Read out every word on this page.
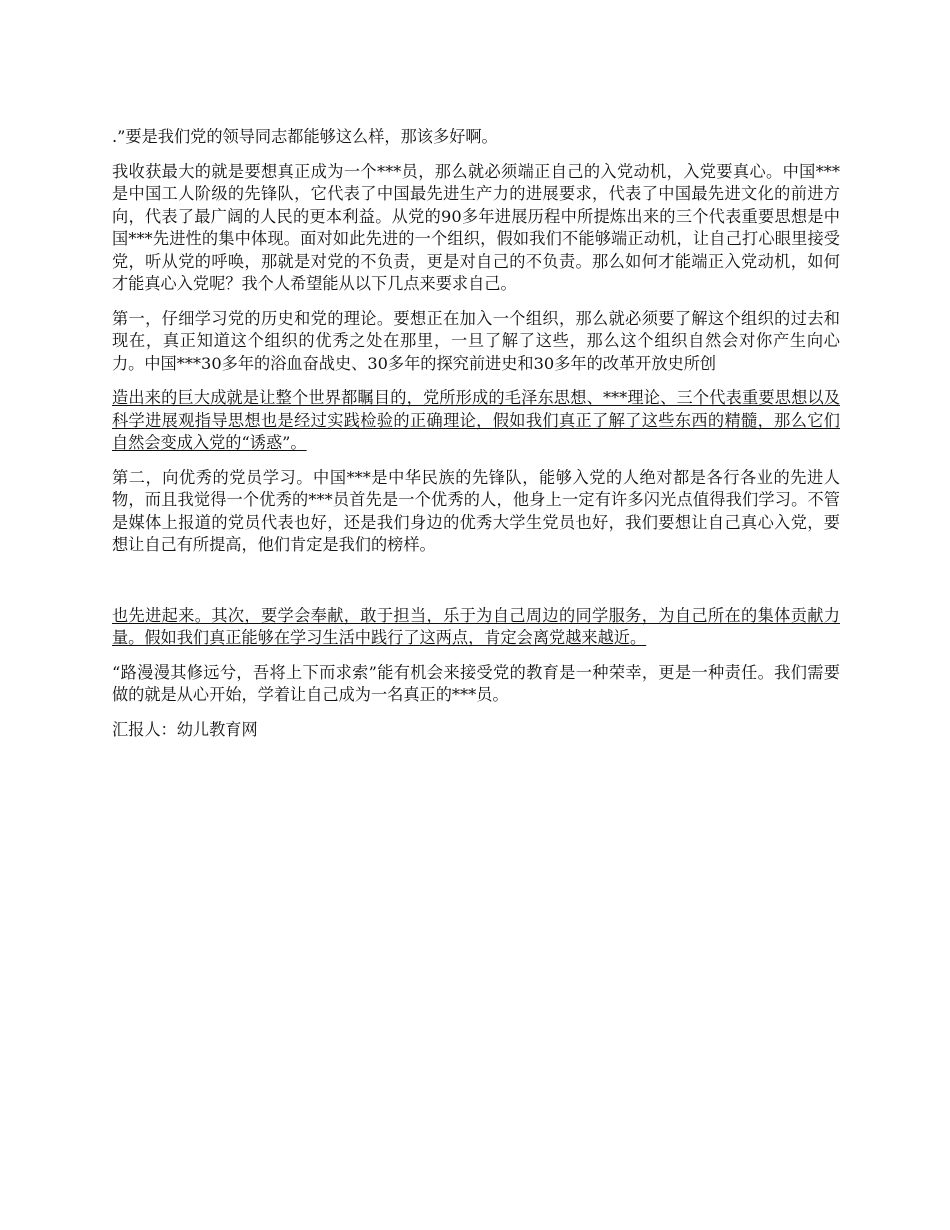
.”要是我们党的领导同志都能够这么样，那该多好啊。

我收获最大的就是要想真正成为一个***员，那么就必须端正自己的入党动机，入党要真心。中国***是中国工人阶级的先锋队，它代表了中国最先进生产力的进展要求，代表了中国最先进文化的前进方向，代表了最广阔的人民的更本利益。从党的90多年进展历程中所提炼出来的三个代表重要思想是中国***先进性的集中体现。面对如此先进的一个组织，假如我们不能够端正动机，让自己打心眼里接受党，听从党的呼唤，那就是对党的不负责，更是对自己的不负责。那么如何才能端正入党动机，如何才能真心入党呢？我个人希望能从以下几点来要求自己。

第一，仔细学习党的历史和党的理论。要想正在加入一个组织，那么就必须要了解这个组织的过去和现在，真正知道这个组织的优秀之处在那里，一旦了解了这些，那么这个组织自然会对你产生向心力。中国***30多年的浴血奋战史、30多年的探究前进史和30多年的改革开放史所创

造出来的巨大成就是让整个世界都瞩目的，党所形成的毛泽东思想、***理论、三个代表重要思想以及科学进展观指导思想也是经过实践检验的正确理论，假如我们真正了解了这些东西的精髓，那么它们自然会变成入党的“诱惑”。

第二，向优秀的党员学习。中国***是中华民族的先锋队，能够入党的人绝对都是各行各业的先进人物，而且我觉得一个优秀的***员首先是一个优秀的人，他身上一定有许多闪光点值得我们学习。不管是媒体上报道的党员代表也好，还是我们身边的优秀大学生党员也好，我们要想让自己真心入党，要想让自己有所提高，他们肯定是我们的榜样。

也先进起来。其次，要学会奉献，敢于担当，乐于为自己周边的同学服务，为自己所在的集体贡献力量。假如我们真正能够在学习生活中践行了这两点，肯定会离党越来越近。

“路漫漫其修远兮，吾将上下而求索”能有机会来接受党的教育是一种荣幸，更是一种责任。我们需要做的就是从心开始，学着让自己成为一名真正的***员。

汇报人：幼儿教育网
